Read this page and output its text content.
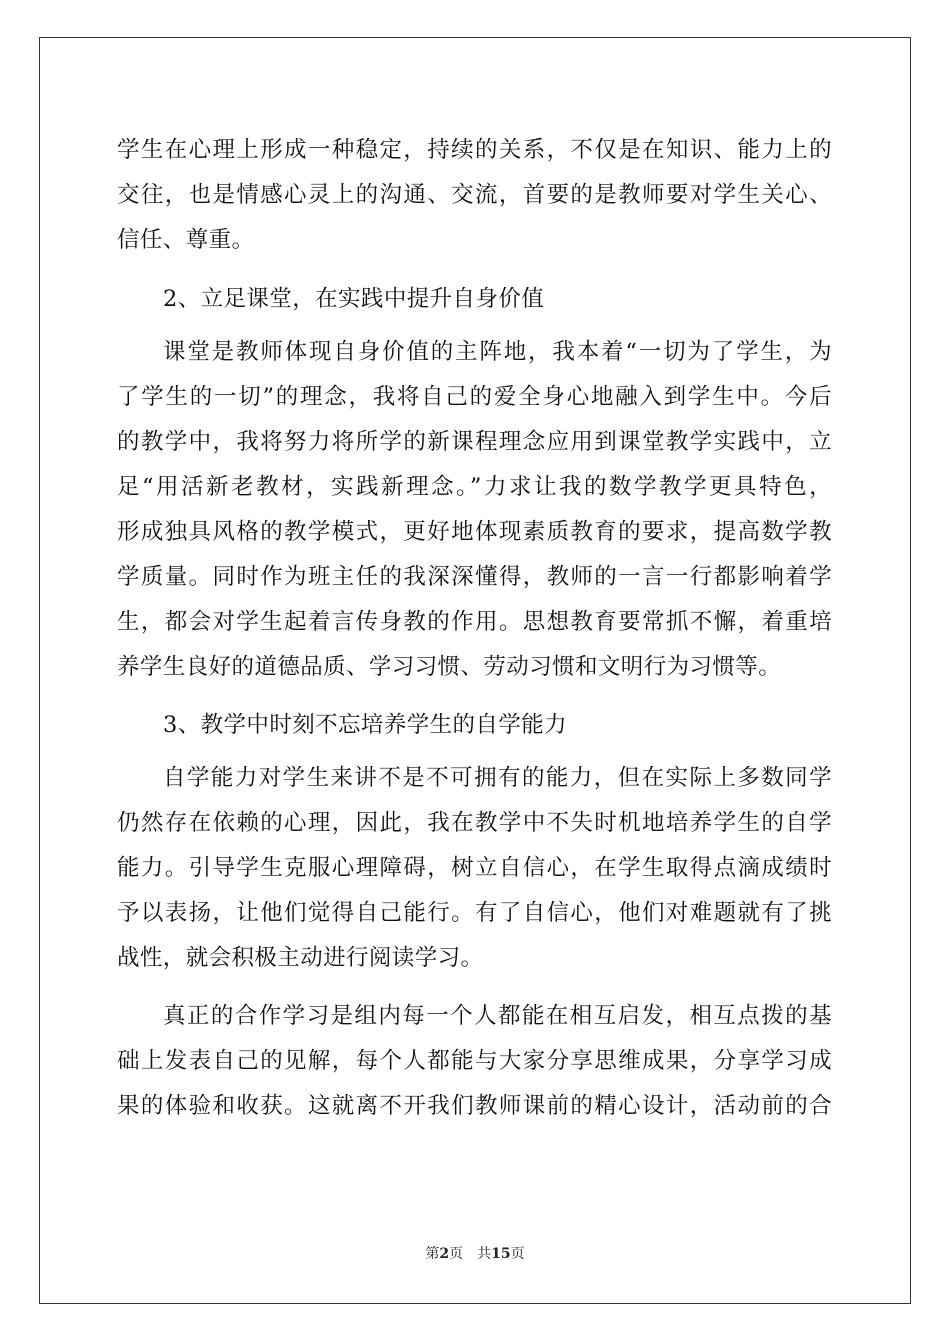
学生在心理上形成一种稳定，持续的关系，不仅是在知识、能力上的
交往，也是情感心灵上的沟通、交流，首要的是教师要对学生关心、
信任、尊重。
2、立足课堂，在实践中提升自身价值
课堂是教师体现自身价值的主阵地，我本着“一切为了学生，为
了学生的一切”的理念，我将自己的爱全身心地融入到学生中。今后
的教学中，我将努力将所学的新课程理念应用到课堂教学实践中，立
足“用活新老教材，实践新理念。”力求让我的数学教学更具特色，
形成独具风格的教学模式，更好地体现素质教育的要求，提高数学教
学质量。同时作为班主任的我深深懂得，教师的一言一行都影响着学
生，都会对学生起着言传身教的作用。思想教育要常抓不懈，着重培
养学生良好的道德品质、学习习惯、劳动习惯和文明行为习惯等。
3、教学中时刻不忘培养学生的自学能力
自学能力对学生来讲不是不可拥有的能力，但在实际上多数同学
仍然存在依赖的心理，因此，我在教学中不失时机地培养学生的自学
能力。引导学生克服心理障碍，树立自信心，在学生取得点滴成绩时
予以表扬，让他们觉得自己能行。有了自信心，他们对难题就有了挑
战性，就会积极主动进行阅读学习。
真正的合作学习是组内每一个人都能在相互启发，相互点拨的基
础上发表自己的见解，每个人都能与大家分享思维成果，分享学习成
果的体验和收获。这就离不开我们教师课前的精心设计，活动前的合
第2页 共15页
